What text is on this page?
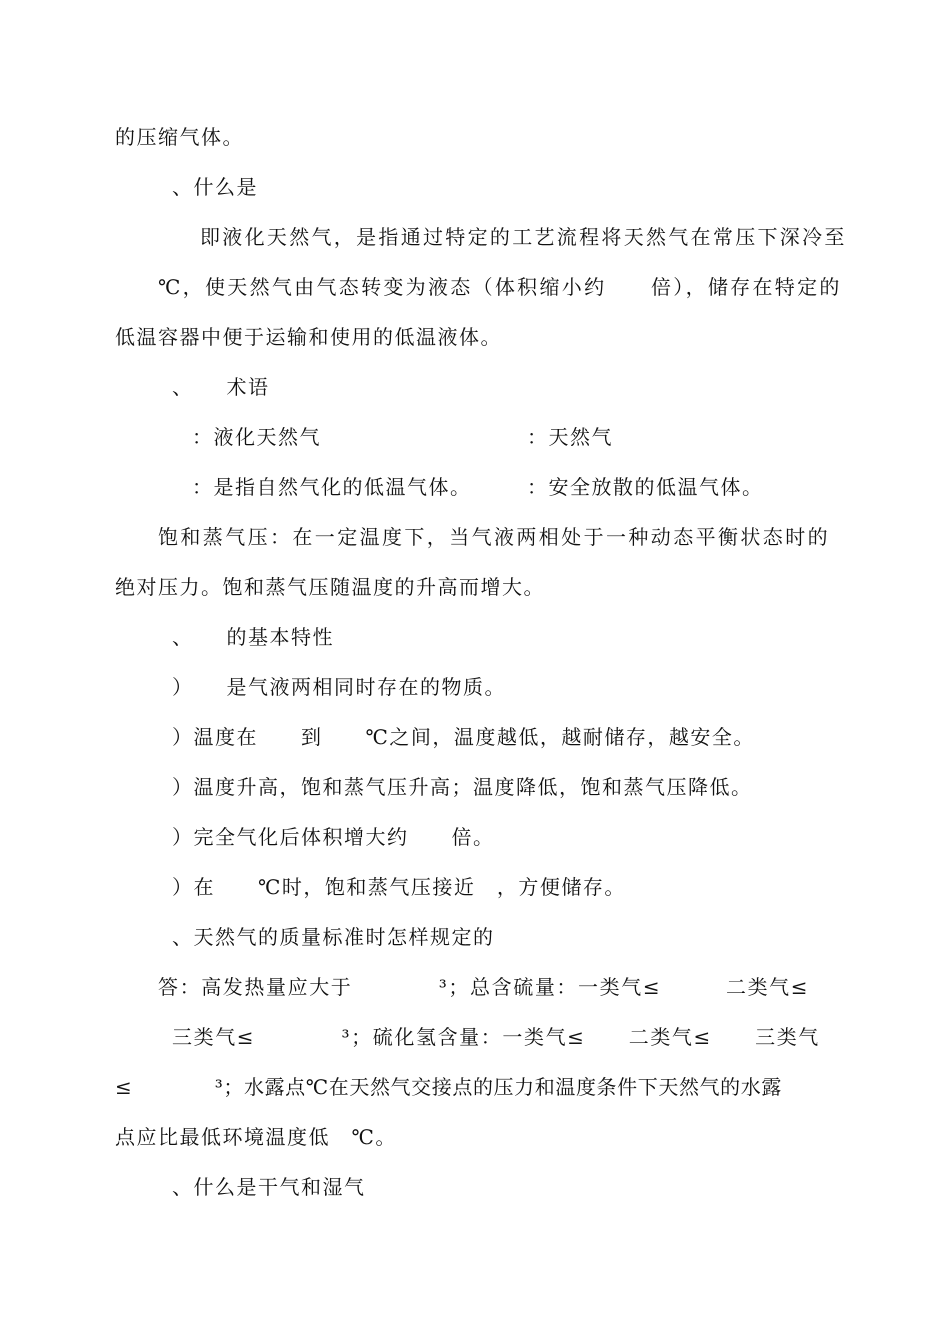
的压缩气体。
、什么是
即液化天然气，是指通过特定的工艺流程将天然气在常压下深冷至
℃，使天然气由气态转变为液态（体积缩小约　　倍），储存在特定的
低温容器中便于运输和使用的低温液体。
、　　术语
：液化天然气	：天然气
：是指自然气化的低温气体。	：安全放散的低温气体。
饱和蒸气压：在一定温度下，当气液两相处于一种动态平衡状态时的
绝对压力。饱和蒸气压随温度的升高而增大。
、　　的基本特性
）　　是气液两相同时存在的物质。
）温度在　　到　　℃之间，温度越低，越耐储存，越安全。
）温度升高，饱和蒸气压升高；温度降低，饱和蒸气压降低。
）完全气化后体积增大约　　倍。
）在　　℃时，饱和蒸气压接近　，方便储存。
、天然气的质量标准时怎样规定的
答：高发热量应大于　　　　³；总含硫量：一类气≤　　　二类气≤
三类气≤　　　　³；硫化氢含量：一类气≤　　二类气≤　　三类气
≤　　　　³；水露点℃在天然气交接点的压力和温度条件下天然气的水露
点应比最低环境温度低　℃。
、什么是干气和湿气
